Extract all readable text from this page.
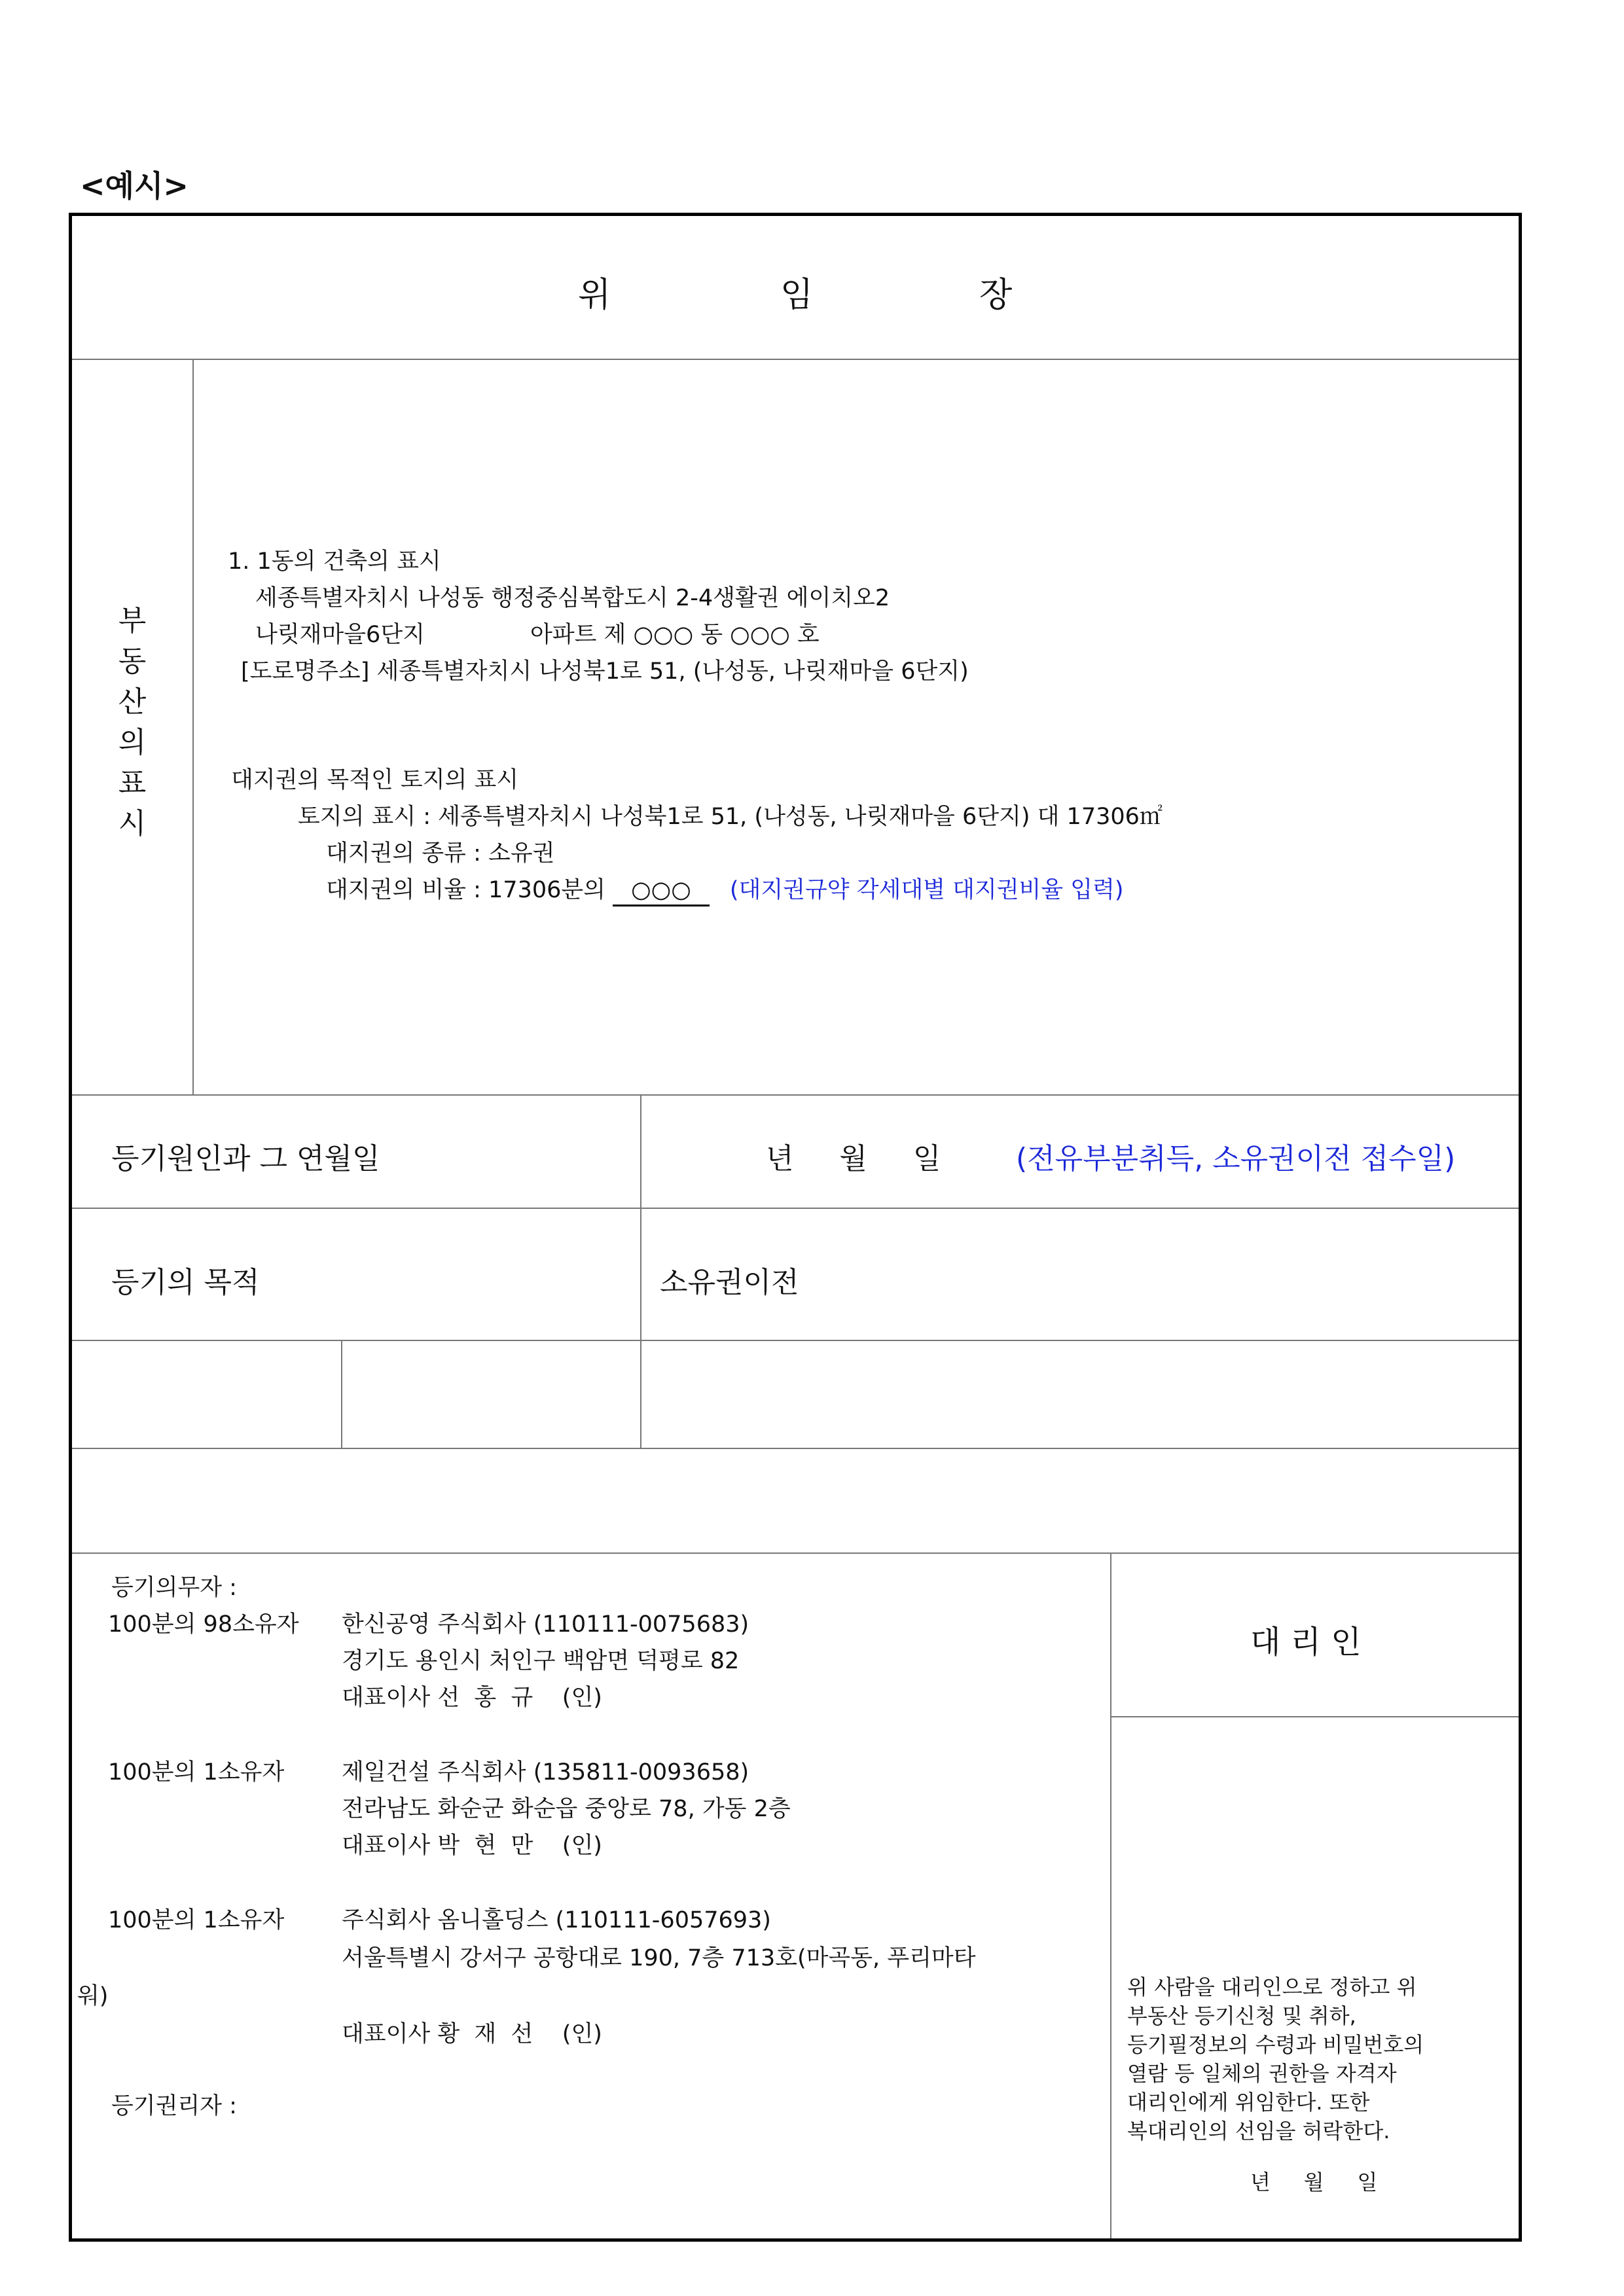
<예시>
위	임	장
부
동
산
의
표
시
1. 1동의 건축의 표시
세종특별자치시 나성동 행정중심복합도시 2-4생활권 에이치오2
나릿재마을6단지	아파트 제 ○○○ 동 ○○○ 호
[도로명주소] 세종특별자치시 나성북1로 51, (나성동, 나릿재마을 6단지)
대지권의 목적인 토지의 표시
토지의 표시 : 세종특별자치시 나성북1로 51, (나성동, 나릿재마을 6단지) 대 17306㎡
대지권의 종류 : 소유권
대지권의 비율 : 17306분의 ○○○ (대지권규약 각세대별 대지권비율 입력)
등기원인과 그 연월일	년     월     일	(전유부분취득, 소유권이전 접수일)
등기의 목적	소유권이전
등기의무자 :
100분의 98소유자 한신공영 주식회사 (110111-0075683)
경기도 용인시 처인구 백암면 덕평로 82
대표이사 선  홍  규    (인)
100분의 1소유자	제일건설 주식회사 (135811-0093658)
전라남도 화순군 화순읍 중앙로 78, 가동 2층
대표이사 박  현  만    (인)
100분의 1소유자	주식회사 옴니홀딩스 (110111-6057693)
서울특별시 강서구 공항대로 190, 7층 713호(마곡동, 푸리마타
워)
대표이사 황  재  선    (인)
등기권리자 :
대 리 인
위 사람을 대리인으로 정하고 위
부동산 등기신청 및 취하,
등기필정보의 수령과 비밀번호의
열람 등 일체의 권한을 자격자
대리인에게 위임한다. 또한
복대리인의 선임을 허락한다.
년     월     일
